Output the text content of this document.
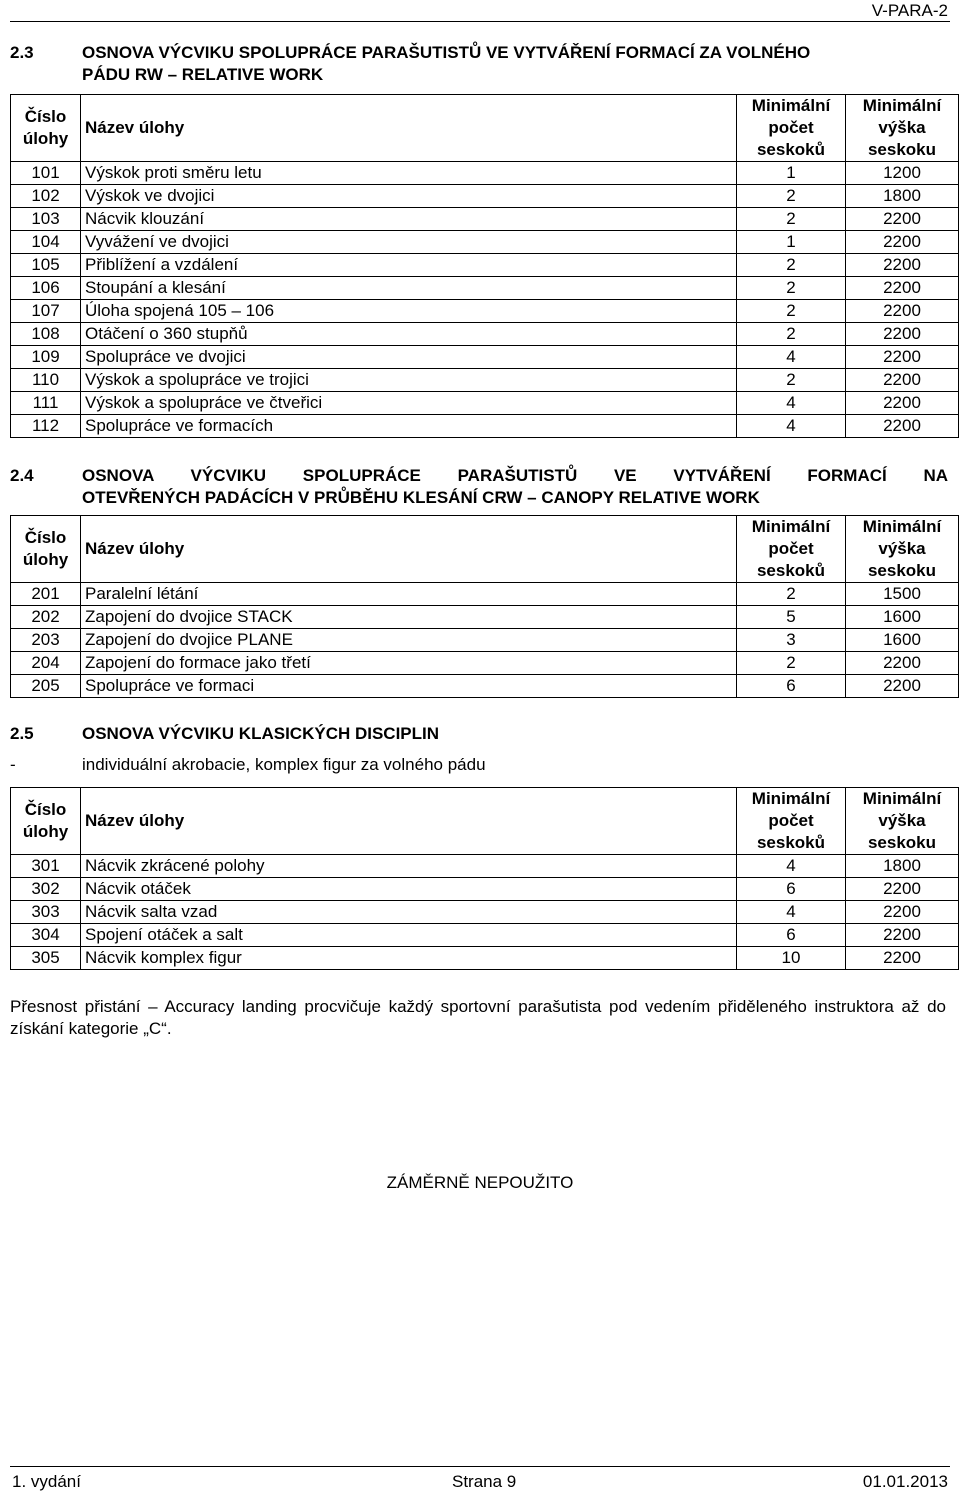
V-PARA-2
2.3	OSNOVA VÝCVIKU SPOLUPRÁCE PARAŠUTISTŮ VE VYTVÁŘENÍ FORMACÍ ZA VOLNÉHO
PÁDU RW – RELATIVE WORK
Číslo
úlohy	Název úlohy	Minimální
počet
seskoků	Minimální
výška
seskoku
101	Výskok proti směru letu	1	1200
102	Výskok ve dvojici	2	1800
103	Nácvik klouzání	2	2200
104	Vyvážení ve dvojici	1	2200
105	Přiblížení a vzdálení	2	2200
106	Stoupání a klesání	2	2200
107	Úloha spojená 105 – 106	2	2200
108	Otáčení o 360 stupňů	2	2200
109	Spolupráce ve dvojici	4	2200
110	Výskok a spolupráce ve trojici	2	2200
111	Výskok a spolupráce ve čtveřici	4	2200
112	Spolupráce ve formacích	4	2200
2.4	OSNOVA VÝCVIKU SPOLUPRÁCE PARAŠUTISTŮ VE VYTVÁŘENÍ FORMACÍ NA
OTEVŘENÝCH PADÁCÍCH V PRŮBĚHU KLESÁNÍ CRW – CANOPY RELATIVE WORK
Číslo
úlohy	Název úlohy	Minimální
počet
seskoků	Minimální
výška
seskoku
201	Paralelní létání	2	1500
202	Zapojení do dvojice STACK	5	1600
203	Zapojení do dvojice PLANE	3	1600
204	Zapojení do formace jako třetí	2	2200
205	Spolupráce ve formaci	6	2200
2.5	OSNOVA VÝCVIKU KLASICKÝCH DISCIPLIN
-	individuální akrobacie, komplex figur za volného pádu
Číslo
úlohy	Název úlohy	Minimální
počet
seskoků	Minimální
výška
seskoku
301	Nácvik zkrácené polohy	4	1800
302	Nácvik otáček	6	2200
303	Nácvik salta vzad	4	2200
304	Spojení otáček a salt	6	2200
305	Nácvik komplex figur	10	2200
Přesnost přistání – Accuracy landing procvičuje každý sportovní parašutista pod vedením přiděleného instruktora až do získání kategorie „C“.
ZÁMĚRNĚ NEPOUŽITO
1. vydání	Strana 9	01.01.2013
